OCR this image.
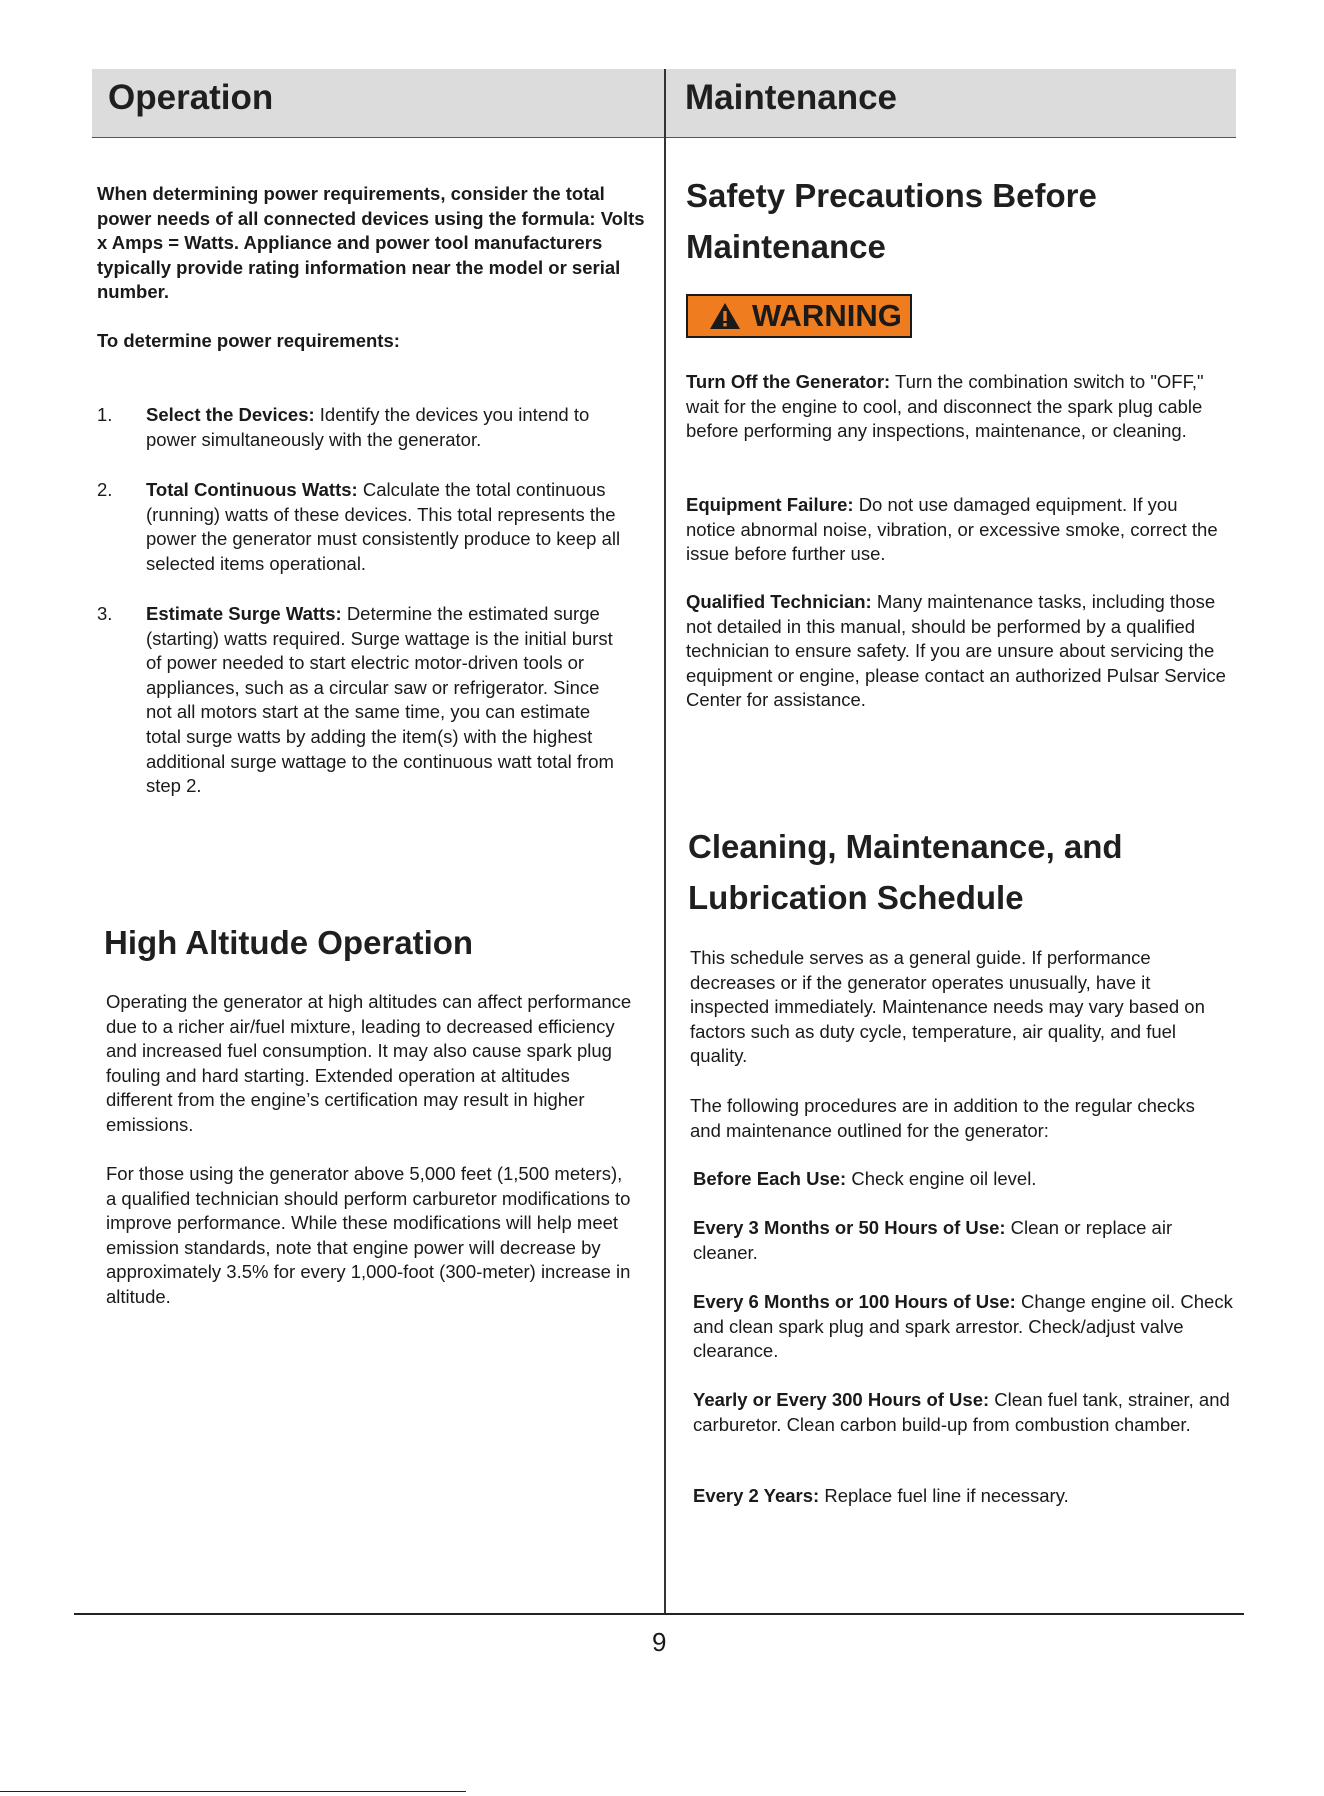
Operation	Maintenance
When determining power requirements, consider the total power needs of all connected devices using the formula: Volts x Amps = Watts. Appliance and power tool manufacturers typically provide rating information near the model or serial number.
To determine power requirements:
1. Select the Devices: Identify the devices you intend to power simultaneously with the generator.
2. Total Continuous Watts: Calculate the total continuous (running) watts of these devices. This total represents the power the generator must consistently produce to keep all selected items operational.
3. Estimate Surge Watts: Determine the estimated surge (starting) watts required. Surge wattage is the initial burst of power needed to start electric motor-driven tools or appliances, such as a circular saw or refrigerator. Since not all motors start at the same time, you can estimate total surge watts by adding the item(s) with the highest additional surge wattage to the continuous watt total from step 2.
High Altitude Operation
Operating the generator at high altitudes can affect performance due to a richer air/fuel mixture, leading to decreased efficiency and increased fuel consumption. It may also cause spark plug fouling and hard starting. Extended operation at altitudes different from the engine’s certification may result in higher emissions.
For those using the generator above 5,000 feet (1,500 meters), a qualified technician should perform carburetor modifications to improve performance. While these modifications will help meet emission standards, note that engine power will decrease by approximately 3.5% for every 1,000-foot (300-meter) increase in altitude.
Safety Precautions Before
Maintenance
WARNING
Turn Off the Generator: Turn the combination switch to "OFF," wait for the engine to cool, and disconnect the spark plug cable before performing any inspections, maintenance, or cleaning.
Equipment Failure: Do not use damaged equipment. If you notice abnormal noise, vibration, or excessive smoke, correct the issue before further use.
Qualified Technician: Many maintenance tasks, including those not detailed in this manual, should be performed by a qualified technician to ensure safety. If you are unsure about servicing the equipment or engine, please contact an authorized Pulsar Service Center for assistance.
Cleaning, Maintenance, and
Lubrication Schedule
This schedule serves as a general guide. If performance decreases or if the generator operates unusually, have it inspected immediately. Maintenance needs may vary based on factors such as duty cycle, temperature, air quality, and fuel quality.
The following procedures are in addition to the regular checks and maintenance outlined for the generator:
Before Each Use: Check engine oil level.
Every 3 Months or 50 Hours of Use: Clean or replace air cleaner.
Every 6 Months or 100 Hours of Use: Change engine oil. Check and clean spark plug and spark arrestor. Check/adjust valve clearance.
Yearly or Every 300 Hours of Use: Clean fuel tank, strainer, and carburetor. Clean carbon build-up from combustion chamber.
Every 2 Years: Replace fuel line if necessary.
9
